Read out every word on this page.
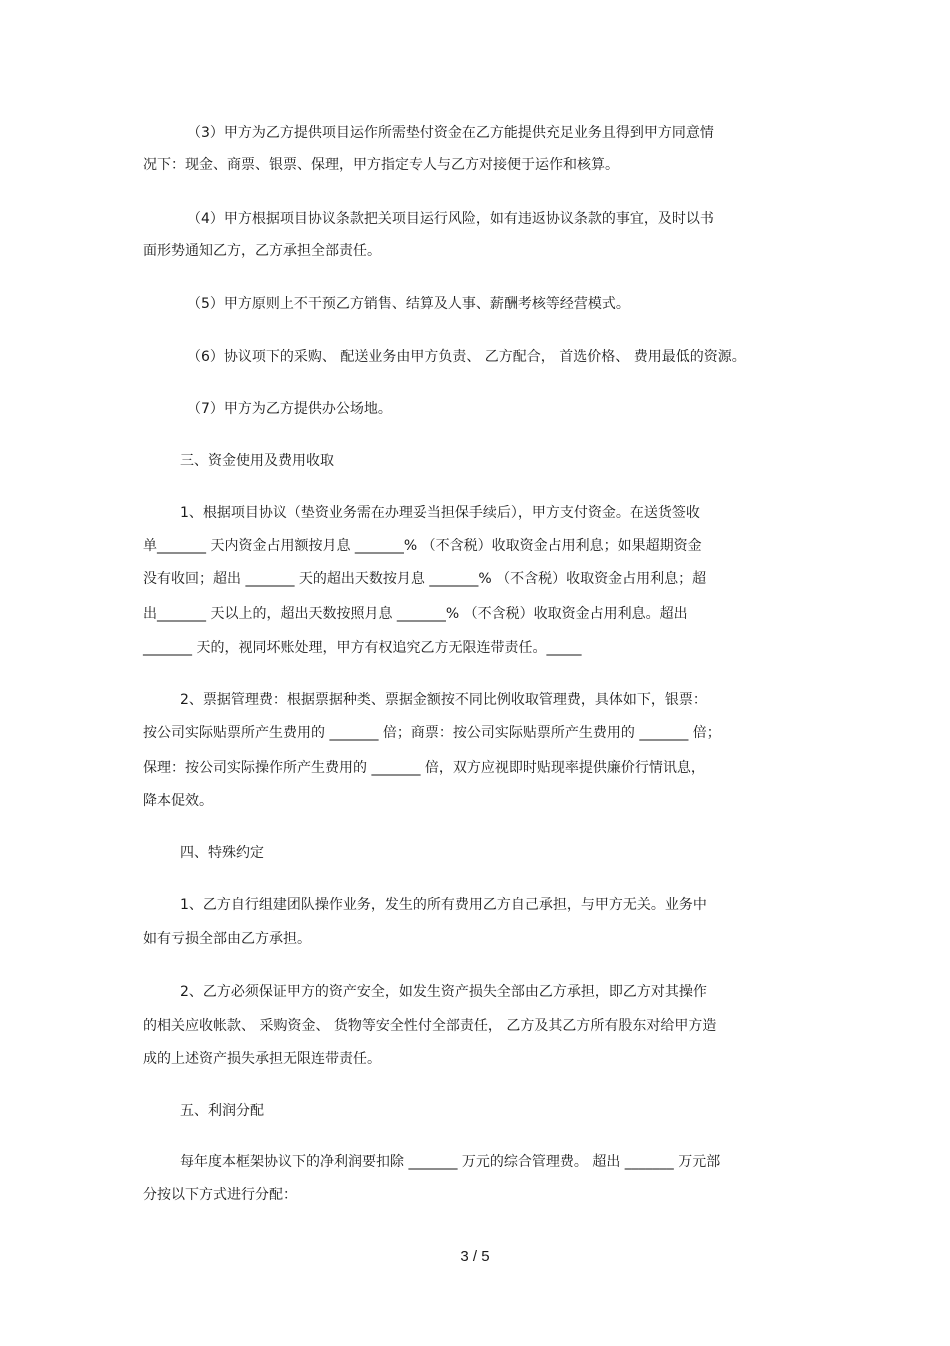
（3）甲方为乙方提供项目运作所需垫付资金在乙方能提供充足业务且得到甲方同意情
况下：现金、商票、银票、保理，甲方指定专人与乙方对接便于运作和核算。
（4）甲方根据项目协议条款把关项目运行风险，如有违返协议条款的事宜，及时以书
面形势通知乙方，乙方承担全部责任。
（5）甲方原则上不干预乙方销售、结算及人事、薪酬考核等经营模式。
（6）协议项下的采购、 配送业务由甲方负责、 乙方配合， 首选价格、 费用最低的资源。
（7）甲方为乙方提供办公场地。
三、资金使用及费用收取
1、根据项目协议（垫资业务需在办理妥当担保手续后），甲方支付资金。在送货签收
单_______ 天内资金占用额按月息 _______% （不含税）收取资金占用利息；如果超期资金
没有收回；超出 _______ 天的超出天数按月息 _______% （不含税）收取资金占用利息；超
出_______ 天以上的，超出天数按照月息 _______% （不含税）收取资金占用利息。超出
_______ 天的，视同坏账处理，甲方有权追究乙方无限连带责任。_____
2、票据管理费：根据票据种类、票据金额按不同比例收取管理费，具体如下，银票：
按公司实际贴票所产生费用的 _______ 倍；商票：按公司实际贴票所产生费用的 _______ 倍；
保理：按公司实际操作所产生费用的 _______ 倍，双方应视即时贴现率提供廉价行情讯息，
降本促效。
四、特殊约定
1、乙方自行组建团队操作业务，发生的所有费用乙方自己承担，与甲方无关。业务中
如有亏损全部由乙方承担。
2、乙方必须保证甲方的资产安全，如发生资产损失全部由乙方承担，即乙方对其操作
的相关应收帐款、 采购资金、 货物等安全性付全部责任， 乙方及其乙方所有股东对给甲方造
成的上述资产损失承担无限连带责任。
五、利润分配
每年度本框架协议下的净利润要扣除 _______ 万元的综合管理费。 超出 _______ 万元部
分按以下方式进行分配：
3 / 5
